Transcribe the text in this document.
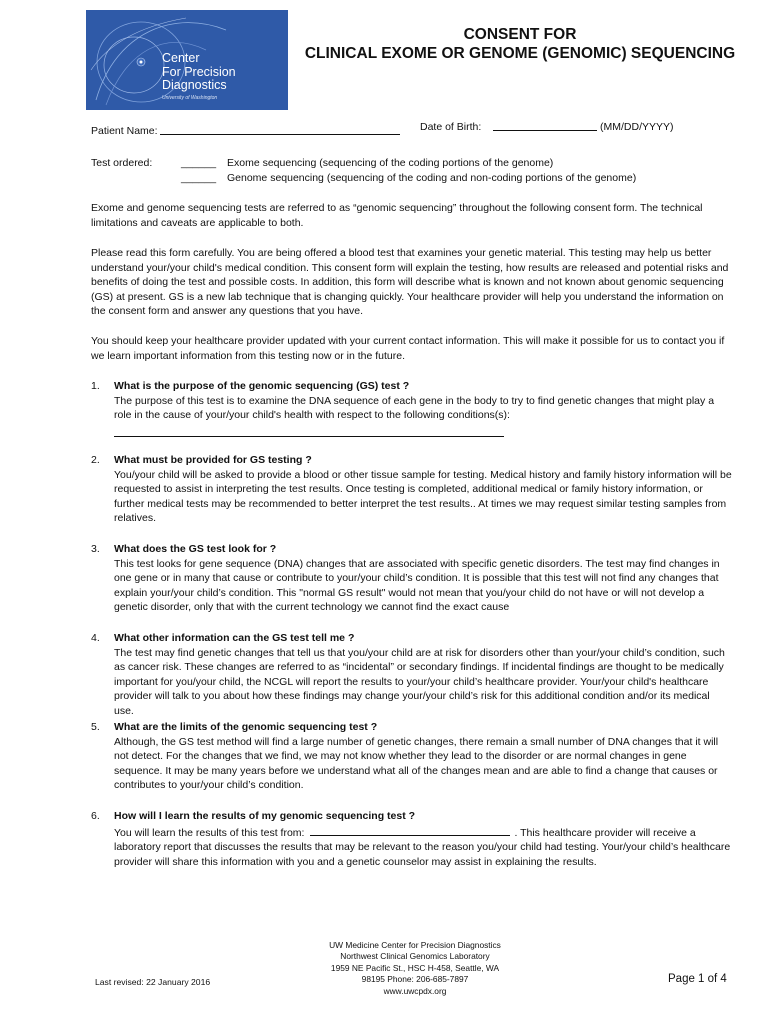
Center
For Precision
Diagnostics
University of Washington
CONSENT FOR
CLINICAL EXOME OR GENOME (GENOMIC) SEQUENCING
Patient Name:	Date of Birth:	(MM/DD/YYYY)
Test ordered:	______ Exome sequencing (sequencing of the coding portions of the genome)
______ Genome sequencing (sequencing of the coding and non-coding portions of the genome)
Exome and genome sequencing tests are referred to as “genomic sequencing” throughout the following consent form. The technical limitations and caveats are applicable to both.
Please read this form carefully. You are being offered a blood test that examines your genetic material. This testing may help us better understand your/your child's medical condition. This consent form will explain the testing, how results are released and potential risks and benefits of doing the test and possible costs. In addition, this form will describe what is known and not known about genomic sequencing (GS) at present. GS is a new lab technique that is changing quickly. Your healthcare provider will help you understand the information on the consent form and answer any questions that you have.
You should keep your healthcare provider updated with your current contact information. This will make it possible for us to contact you if we learn important information from this testing now or in the future.
1. What is the purpose of the genomic sequencing (GS) test ?
The purpose of this test is to examine the DNA sequence of each gene in the body to try to find genetic changes that might play a role in the cause of your/your child's health with respect to the following conditions(s):
2. What must be provided for GS testing ?
You/your child will be asked to provide a blood or other tissue sample for testing. Medical history and family history information will be requested to assist in interpreting the test results. Once testing is completed, additional medical or family history information, or further medical tests may be recommended to better interpret the test results.. At times we may request similar testing samples from relatives.
3. What does the GS test look for ?
This test looks for gene sequence (DNA) changes that are associated with specific genetic disorders. The test may find changes in one gene or in many that cause or contribute to your/your child’s condition. It is possible that this test will not find any changes that explain your/your child’s condition. This "normal GS result" would not mean that you/your child do not have or will not develop a genetic disorder, only that with the current technology we cannot find the exact cause
4. What other information can the GS test tell me ?
The test may find genetic changes that tell us that you/your child are at risk for disorders other than your/your child’s condition, such as cancer risk. These changes are referred to as “incidental” or secondary findings. If incidental findings are thought to be medically important for you/your child, the NCGL will report the results to your/your child’s healthcare provider. Your/your child's healthcare provider will talk to you about how these findings may change your/your child’s risk for this additional condition and/or its medical use.
5. What are the limits of the genomic sequencing test ?
Although, the GS test method will find a large number of genetic changes, there remain a small number of DNA changes that it will not detect. For the changes that we find, we may not know whether they lead to the disorder or are normal changes in gene sequence. It may be many years before we understand what all of the changes mean and are able to find a change that causes or contributes to your/your child’s condition.
6. How will I learn the results of my genomic sequencing test ?
You will learn the results of this test from:	. This healthcare provider will receive a laboratory report that discusses the results that may be relevant to the reason you/your child had testing. Your/your child’s healthcare provider will share this information with you and a genetic counselor may assist in explaining the results.
UW Medicine Center for Precision Diagnostics
Northwest Clinical Genomics Laboratory
1959 NE Pacific St., HSC H-458, Seattle, WA
98195 Phone: 206-685-7897
www.uwcpdx.org
Last revised: 22 January 2016	Page 1 of 4
